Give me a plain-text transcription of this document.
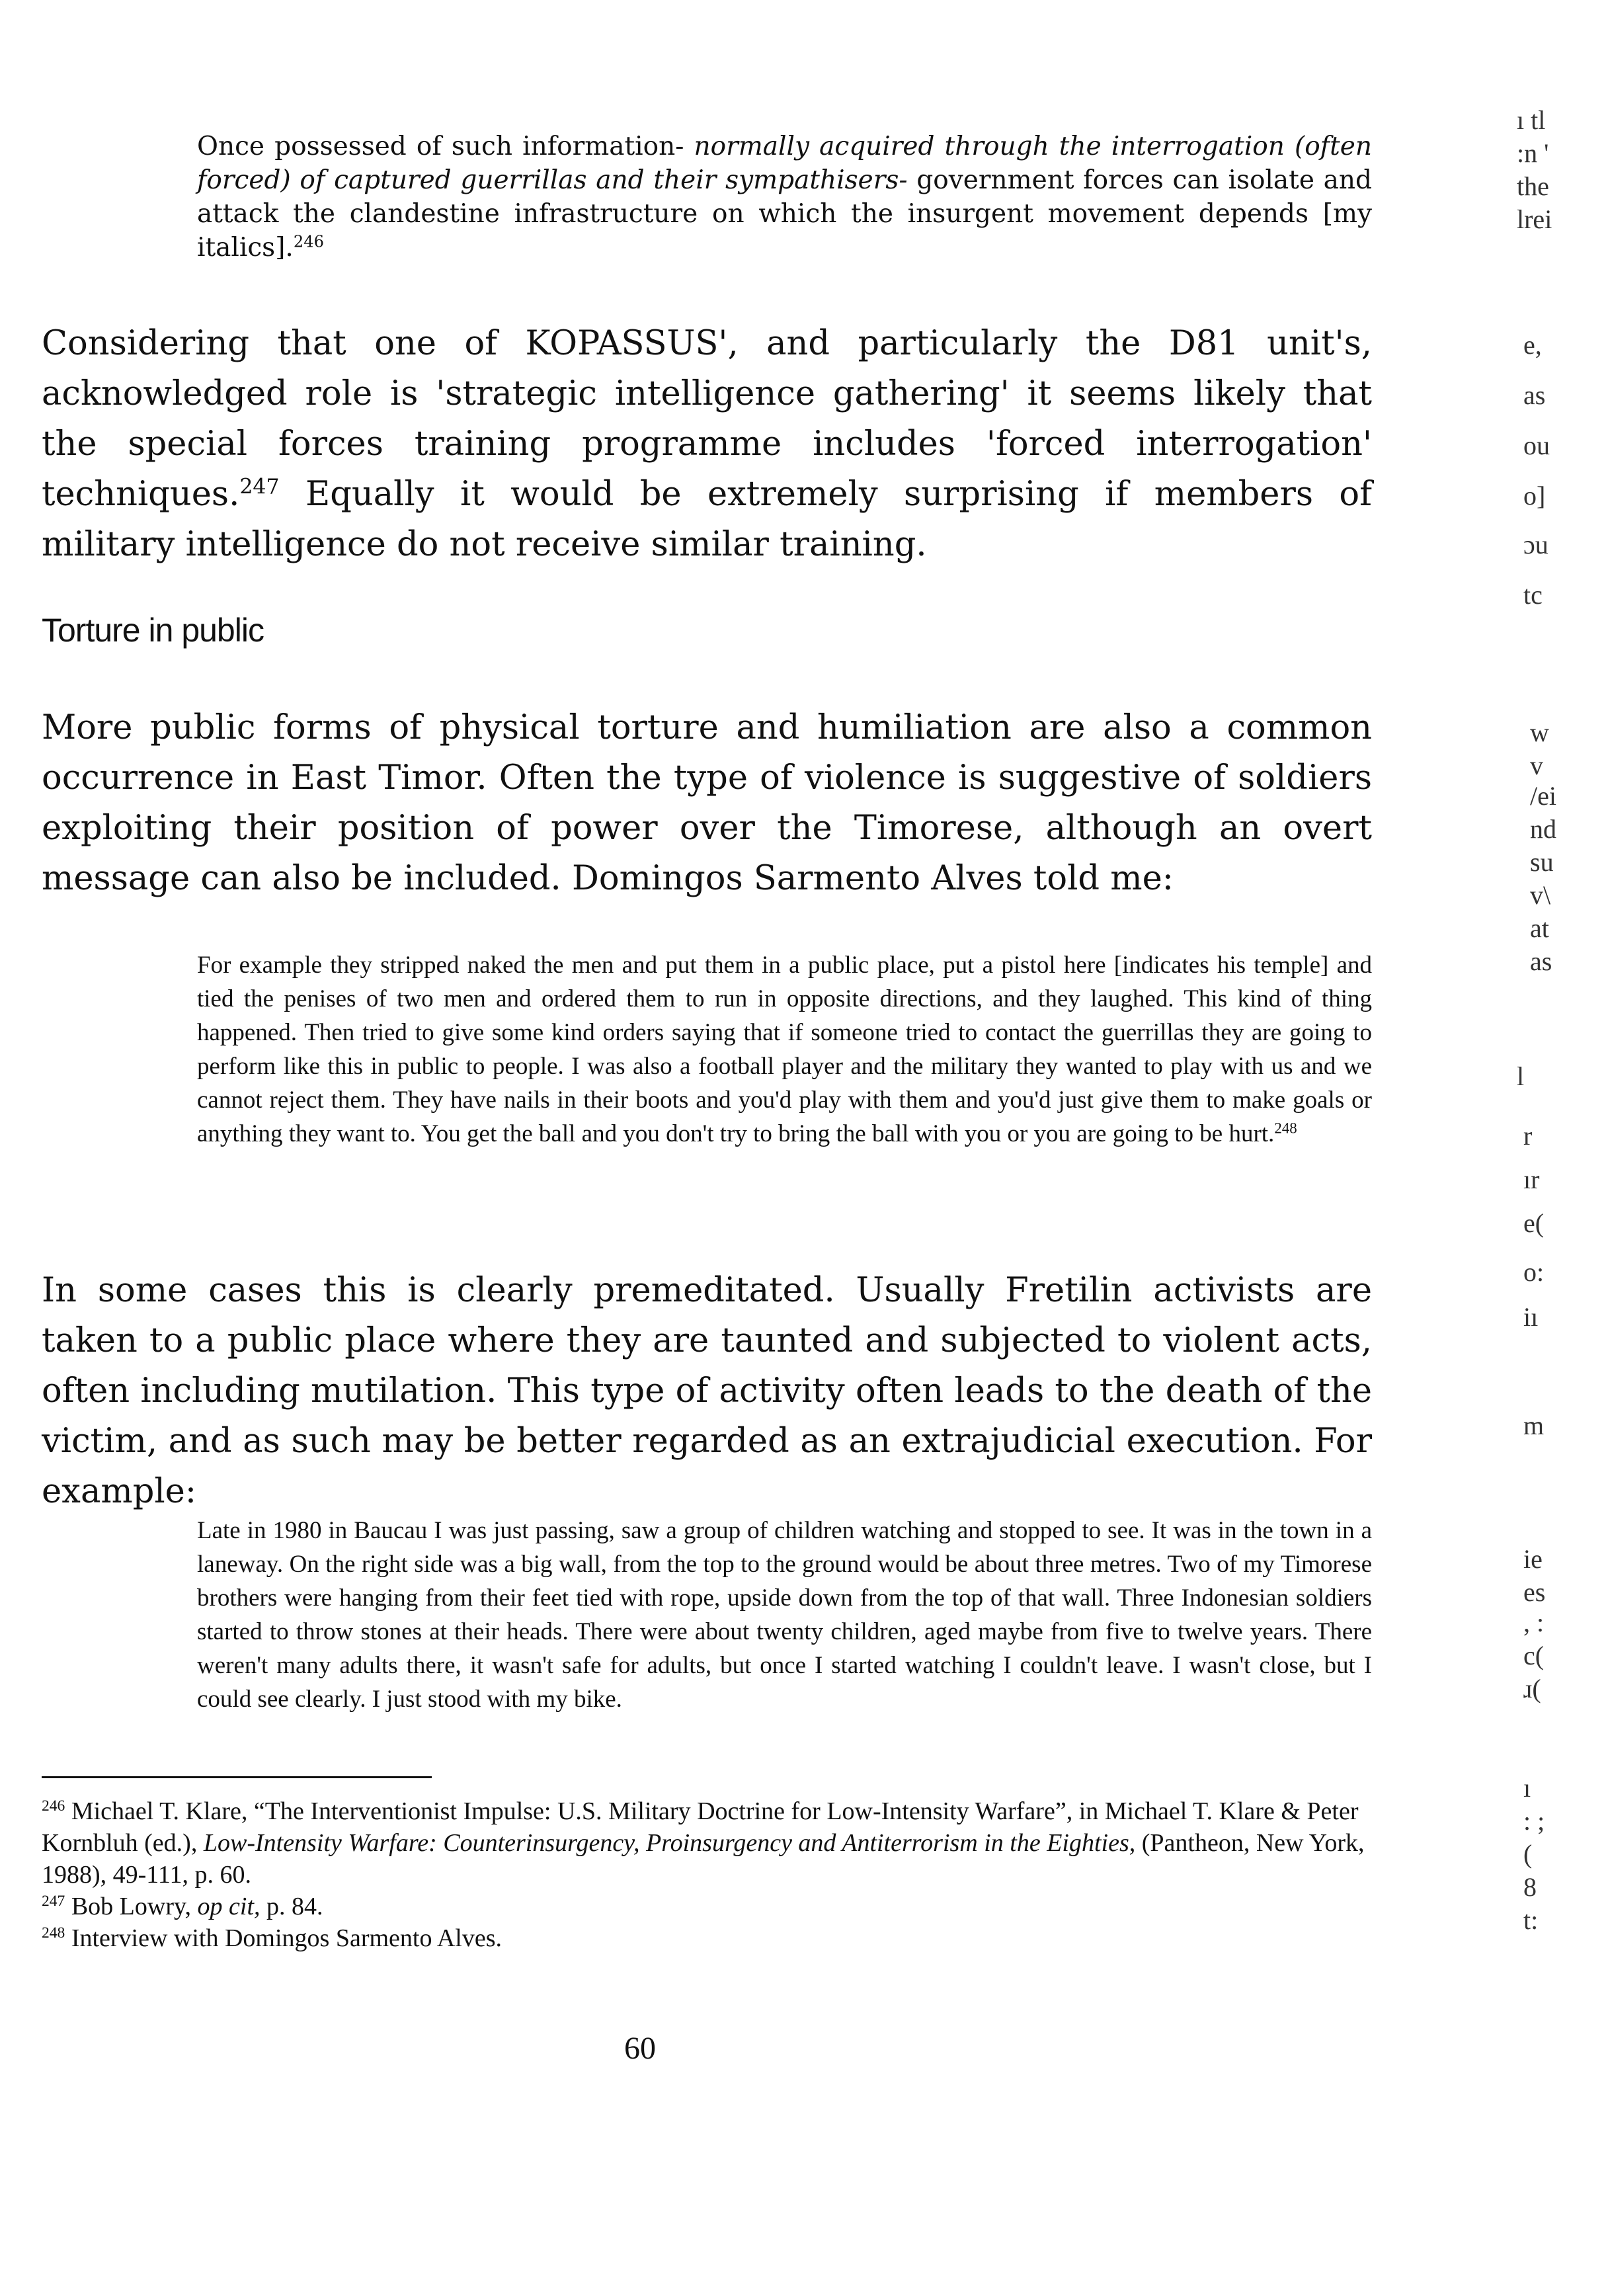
Once possessed of such information- normally acquired through the interrogation (often forced) of captured guerrillas and their sympathisers- government forces can isolate and attack the clandestine infrastructure on which the insurgent movement depends [my italics].$^{246}$
Considering that one of KOPASSUS', and particularly the D81 unit's, acknowledged role is 'strategic intelligence gathering' it seems likely that the special forces training programme includes 'forced interrogation' techniques.$^{247}$ Equally it would be extremely surprising if members of military intelligence do not receive similar training.
Torture in public
More public forms of physical torture and humiliation are also a common occurrence in East Timor. Often the type of violence is suggestive of soldiers exploiting their position of power over the Timorese, although an overt message can also be included. Domingos Sarmento Alves told me:
For example they stripped naked the men and put them in a public place, put a pistol here [indicates his temple] and tied the penises of two men and ordered them to run in opposite directions, and they laughed. This kind of thing happened. Then tried to give some kind orders saying that if someone tried to contact the guerrillas they are going to perform like this in public to people. I was also a football player and the military they wanted to play with us and we cannot reject them. They have nails in their boots and you'd play with them and you'd just give them to make goals or anything they want to. You get the ball and you don't try to bring the ball with you or you are going to be hurt.$^{248}$
In some cases this is clearly premeditated. Usually Fretilin activists are taken to a public place where they are taunted and subjected to violent acts, often including mutilation. This type of activity often leads to the death of the victim, and as such may be better regarded as an extrajudicial execution. For example:
Late in 1980 in Baucau I was just passing, saw a group of children watching and stopped to see. It was in the town in a laneway. On the right side was a big wall, from the top to the ground would be about three metres. Two of my Timorese brothers were hanging from their feet tied with rope, upside down from the top of that wall. Three Indonesian soldiers started to throw stones at their heads. There were about twenty children, aged maybe from five to twelve years. There weren't many adults there, it wasn't safe for adults, but once I started watching I couldn't leave. I wasn't close, but I could see clearly. I just stood with my bike.
$^{246}$ Michael T. Klare, “The Interventionist Impulse: U.S. Military Doctrine for Low-Intensity Warfare”, in Michael T. Klare & Peter Kornbluh (ed.), Low-Intensity Warfare: Counterinsurgency, Proinsurgency and Antiterrorism in the Eighties, (Pantheon, New York, 1988), 49-111, p. 60.
$^{247}$ Bob Lowry, op cit, p. 84.
$^{248}$ Interview with Domingos Sarmento Alves.
60
ı tl
:n '
the
lrei
e,
as
ou
o]
ɔu
tc
w
v
/ei
nd
su
v\
at
as
l
r
ır
e(
o:
iı
m
ie
es
, :
c(
ɹ(
ı
: ;
(
8
t:
